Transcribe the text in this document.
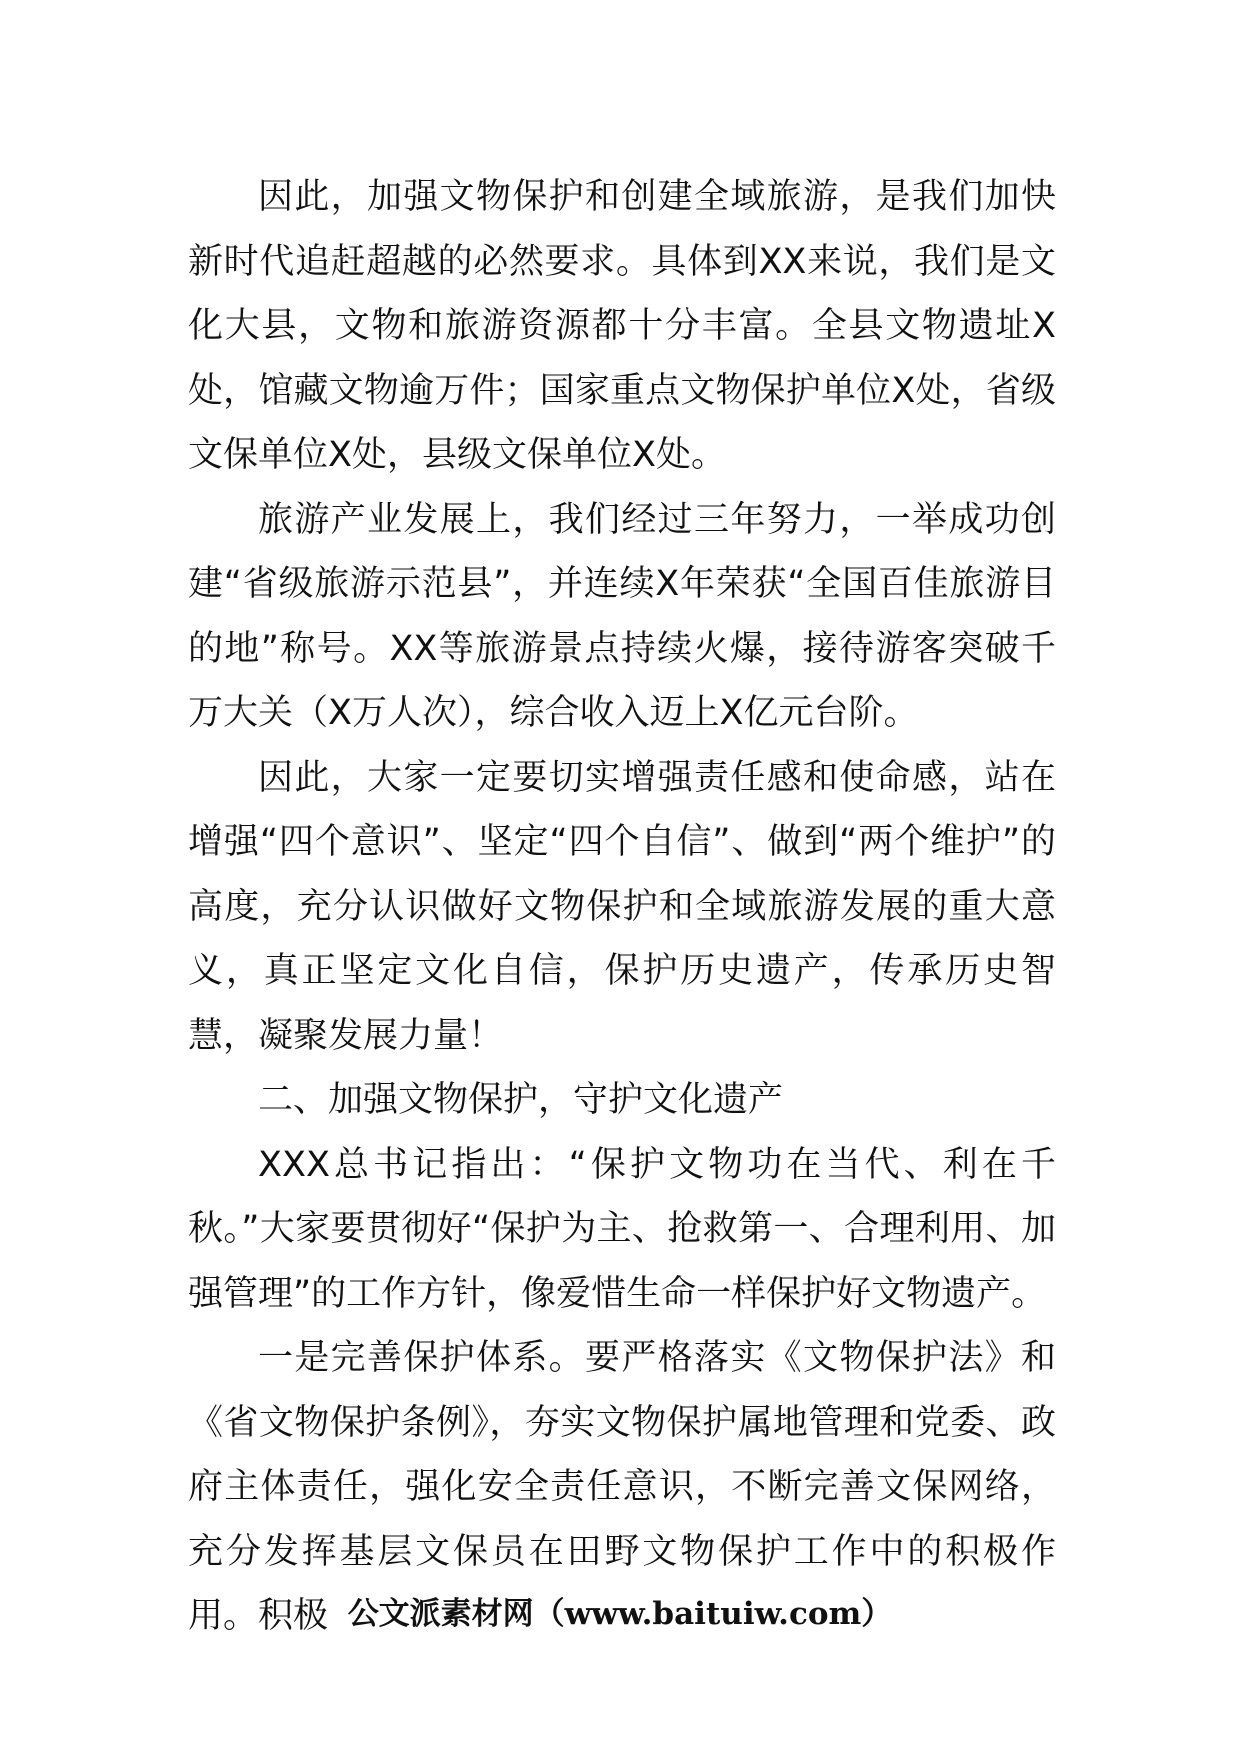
因此，加强文物保护和创建全域旅游，是我们加快新时代追赶超越的必然要求。具体到XX来说，我们是文化大县，文物和旅游资源都十分丰富。全县文物遗址X处，馆藏文物逾万件；国家重点文物保护单位X处，省级文保单位X处，县级文保单位X处。

旅游产业发展上，我们经过三年努力，一举成功创建“省级旅游示范县”，并连续X年荣获“全国百佳旅游目的地”称号。XX等旅游景点持续火爆，接待游客突破千万大关（X万人次），综合收入迈上X亿元台阶。

因此，大家一定要切实增强责任感和使命感，站在增强“四个意识”、坚定“四个自信”、做到“两个维护”的高度，充分认识做好文物保护和全域旅游发展的重大意义，真正坚定文化自信，保护历史遗产，传承历史智慧，凝聚发展力量！

二、加强文物保护，守护文化遗产

XXX总书记指出：“保护文物功在当代、利在千秋。”大家要贯彻好“保护为主、抢救第一、合理利用、加强管理”的工作方针，像爱惜生命一样保护好文物遗产。

一是完善保护体系。要严格落实《文物保护法》和《省文物保护条例》，夯实文物保护属地管理和党委、政府主体责任，强化安全责任意识，不断完善文保网络，充分发挥基层文保员在田野文物保护工作中的积极作用。积极 公文派素材网（www.baituiw.com）
